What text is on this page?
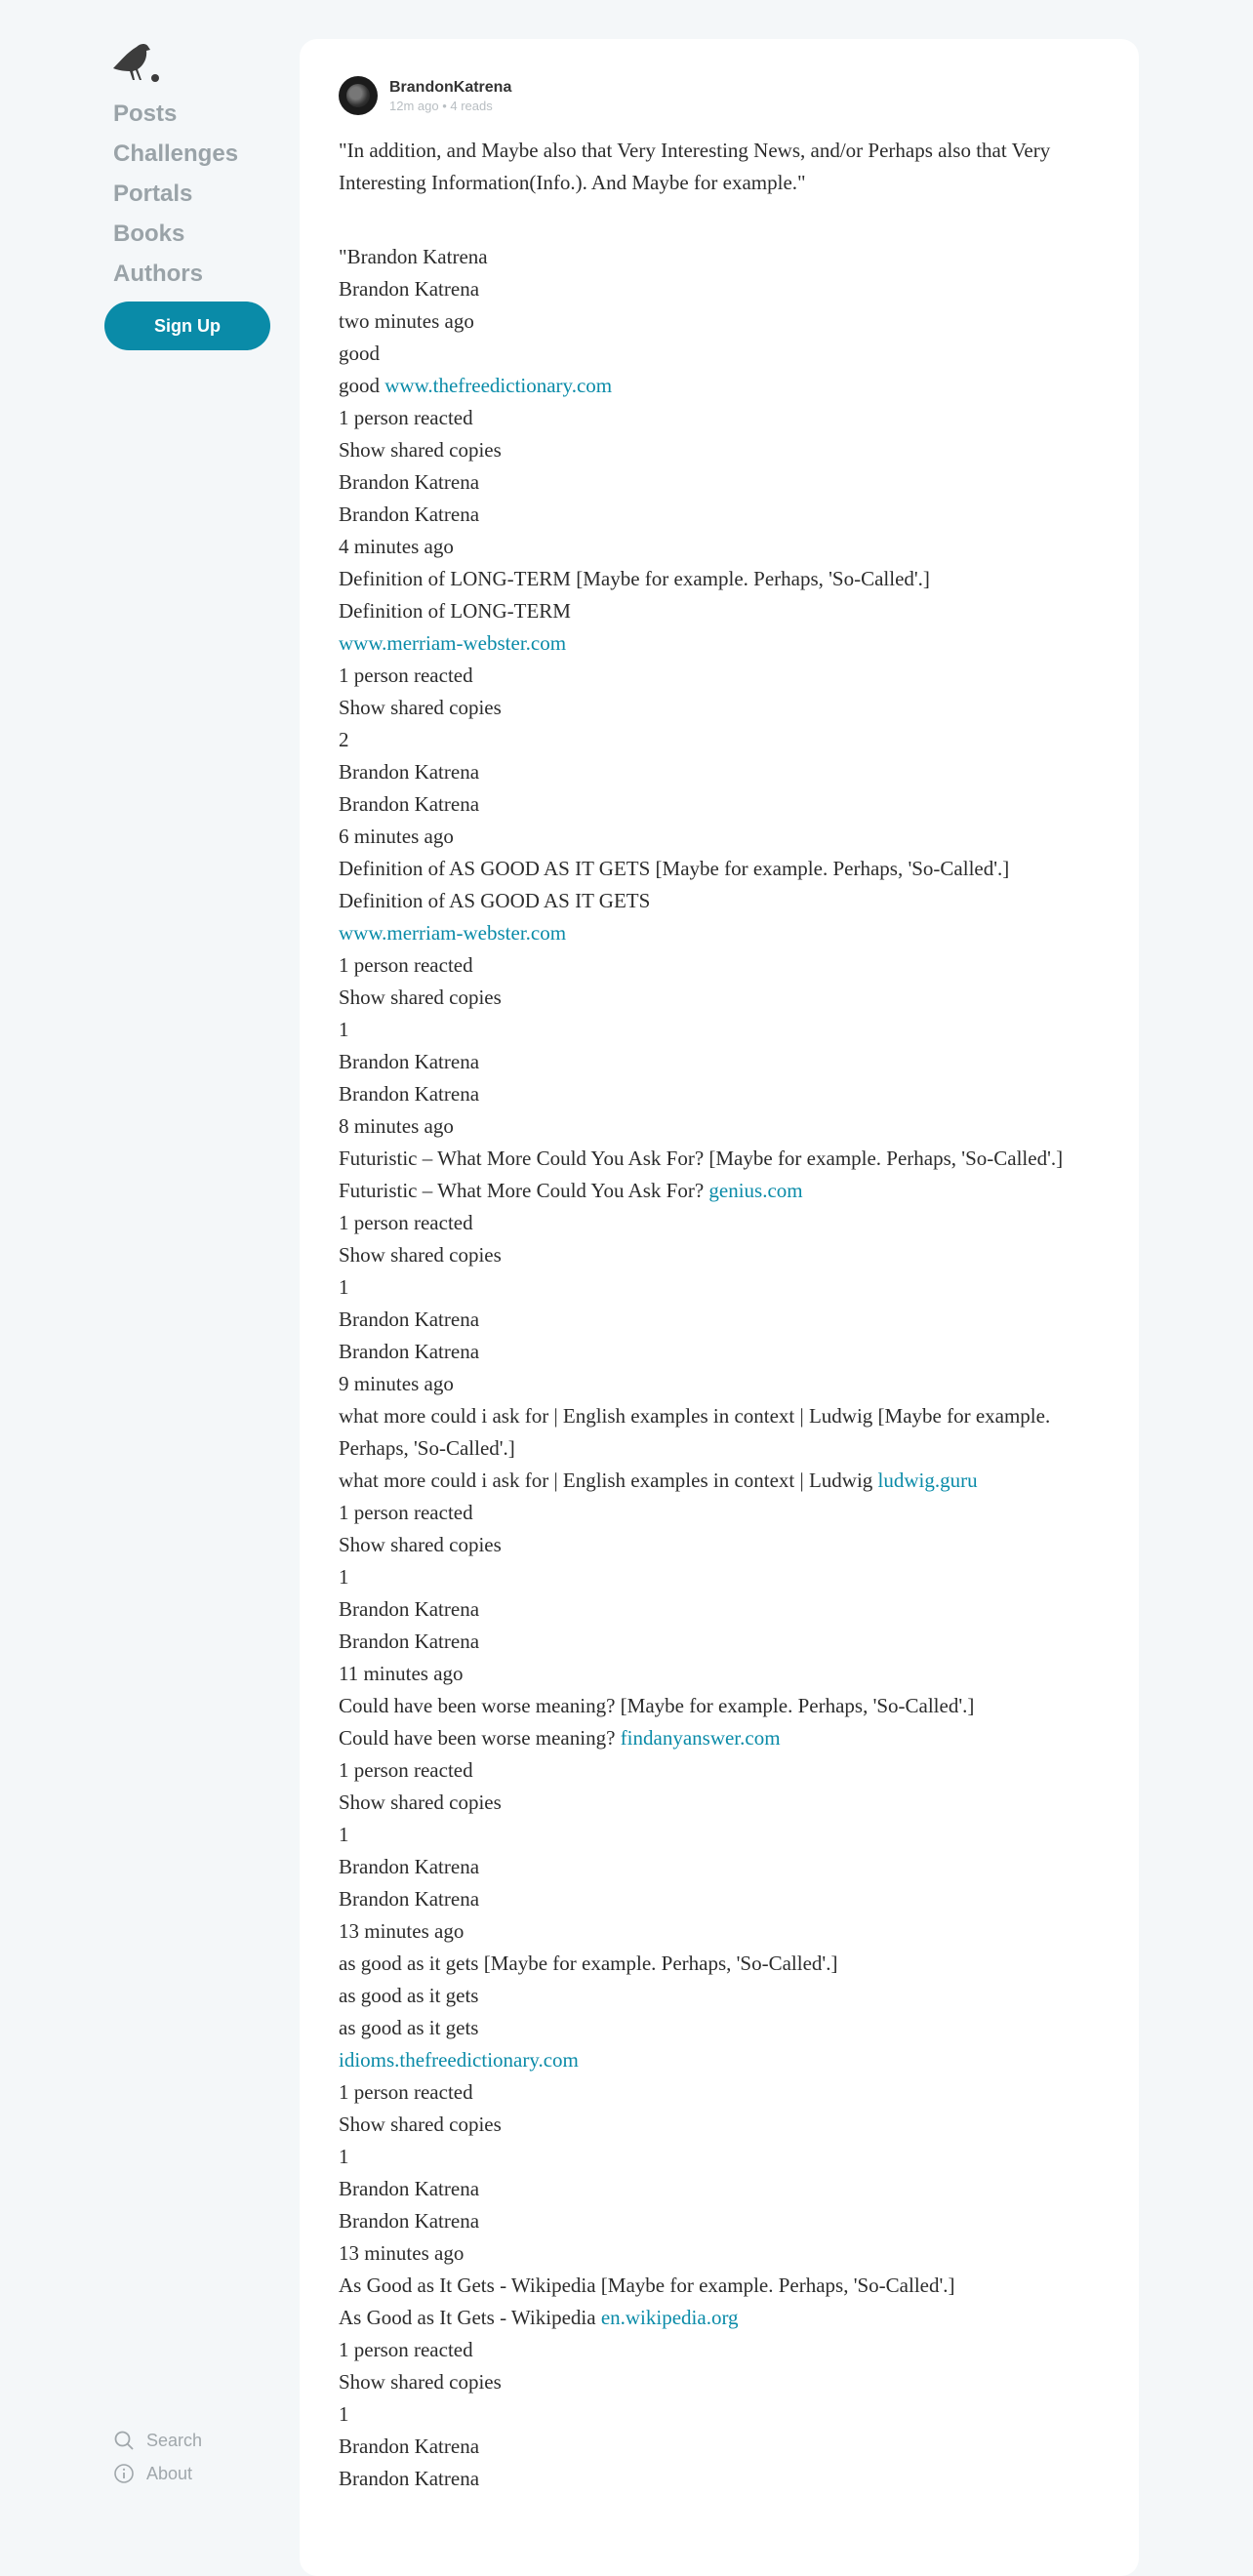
Posts
Challenges
Portals
Books
Authors
Sign Up
Search
About
BrandonKatrena
12m ago • 4 reads

"In addition, and Maybe also that Very Interesting News, and/or Perhaps also that Very Interesting Information(Info.). And Maybe for example."

"Brandon Katrena

Brandon Katrena

two minutes ago

good

good www.thefreedictionary.com

1 person reacted

Show shared copies

Brandon Katrena

Brandon Katrena

4 minutes ago

Definition of LONG-TERM [Maybe for example. Perhaps, 'So-Called'.]

Definition of LONG-TERM

www.merriam-webster.com

1 person reacted

Show shared copies

2

Brandon Katrena

Brandon Katrena

6 minutes ago

Definition of AS GOOD AS IT GETS [Maybe for example. Perhaps, 'So-Called'.]

Definition of AS GOOD AS IT GETS

www.merriam-webster.com

1 person reacted

Show shared copies

1

Brandon Katrena

Brandon Katrena

8 minutes ago

Futuristic – What More Could You Ask For? [Maybe for example. Perhaps, 'So-Called'.]

Futuristic – What More Could You Ask For? genius.com

1 person reacted

Show shared copies

1

Brandon Katrena

Brandon Katrena

9 minutes ago

what more could i ask for | English examples in context | Ludwig [Maybe for example. Perhaps, 'So-Called'.]

what more could i ask for | English examples in context | Ludwig ludwig.guru

1 person reacted

Show shared copies

1

Brandon Katrena

Brandon Katrena

11 minutes ago

Could have been worse meaning? [Maybe for example. Perhaps, 'So-Called'.]

Could have been worse meaning? findanyanswer.com

1 person reacted

Show shared copies

1

Brandon Katrena

Brandon Katrena

13 minutes ago

as good as it gets [Maybe for example. Perhaps, 'So-Called'.]

as good as it gets

as good as it gets

idioms.thefreedictionary.com

1 person reacted

Show shared copies

1

Brandon Katrena

Brandon Katrena

13 minutes ago

As Good as It Gets - Wikipedia [Maybe for example. Perhaps, 'So-Called'.]

As Good as It Gets - Wikipedia en.wikipedia.org

1 person reacted

Show shared copies

1

Brandon Katrena

Brandon Katrena
